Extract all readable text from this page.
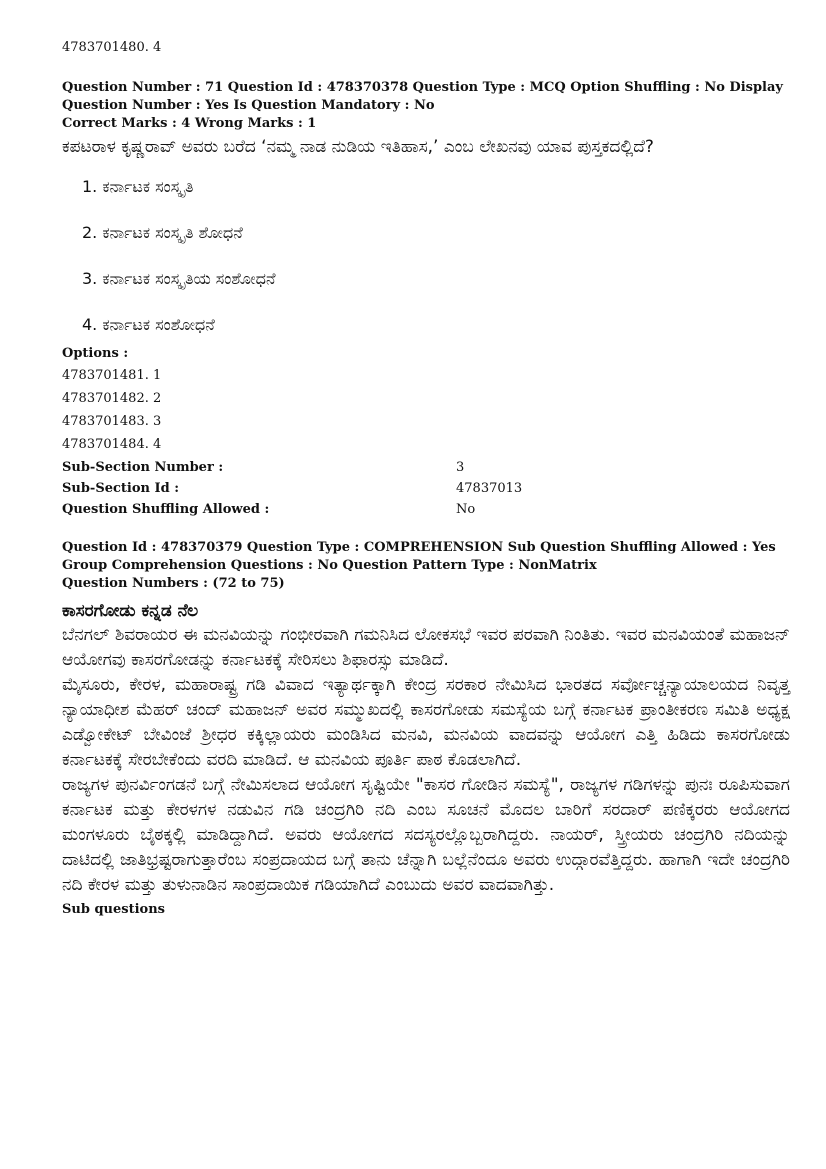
4783701480. 4
Question Number : 71 Question Id : 478370378 Question Type : MCQ Option Shuffling : No Display Question Number : Yes Is Question Mandatory : No
Correct Marks : 4 Wrong Marks : 1
ಕಪಟರಾಳ ಕೃಷ್ಣರಾವ್ ಅವರು ಬರೆದ ‘ನಮ್ಮ ನಾಡ ನುಡಿಯ ಇತಿಹಾಸ,’ ಎಂಬ ಲೇಖನವು ಯಾವ ಪುಸ್ತಕದಲ್ಲಿದೆ?
1. ಕರ್ನಾಟಕ ಸಂಸ್ಕೃತಿ
2. ಕರ್ನಾಟಕ ಸಂಸ್ಕೃತಿ ಶೋಧನೆ
3. ಕರ್ನಾಟಕ ಸಂಸ್ಕೃತಿಯ ಸಂಶೋಧನೆ
4. ಕರ್ನಾಟಕ ಸಂಶೋಧನೆ
Options :
4783701481. 1
4783701482. 2
4783701483. 3
4783701484. 4
Sub-Section Number :	3
Sub-Section Id :	47837013
Question Shuffling Allowed :	No
Question Id : 478370379 Question Type : COMPREHENSION Sub Question Shuffling Allowed : Yes Group Comprehension Questions : No Question Pattern Type : NonMatrix
Question Numbers : (72 to 75)
ಕಾಸರಗೋಡು ಕನ್ನಡ ನೆಲ

ಬೆನಗಲ್ ಶಿವರಾಯರ ಈ ಮನವಿಯನ್ನು ಗಂಭೀರವಾಗಿ ಗಮನಿಸಿದ ಲೋಕಸಭೆ ಇವರ ಪರವಾಗಿ ನಿಂತಿತು. ಇವರ ಮನವಿಯಂತೆ ಮಹಾಜನ್ ಆಯೋಗವು ಕಾಸರಗೋಡನ್ನು ಕರ್ನಾಟಕಕ್ಕೆ ಸೇರಿಸಲು ಶಿಫಾರಸ್ಸು ಮಾಡಿದೆ.

ಮೈಸೂರು, ಕೇರಳ, ಮಹಾರಾಷ್ಟ್ರ ಗಡಿ ವಿವಾದ ಇತ್ಯಾರ್ಥಕ್ಕಾಗಿ ಕೇಂದ್ರ ಸರಕಾರ ನೇಮಿಸಿದ ಭಾರತದ ಸರ್ವೋಚ್ಚನ್ಯಾಯಾಲಯದ ನಿವೃತ್ತ ನ್ಯಾಯಾಧೀಶ ಮೆಹರ್ ಚಂದ್ ಮಹಾಜನ್ ಅವರ ಸಮ್ಮುಖದಲ್ಲಿ ಕಾಸರಗೋಡು ಸಮಸ್ಯೆಯ ಬಗ್ಗೆ ಕರ್ನಾಟಕ ಪ್ರಾಂತೀಕರಣ ಸಮಿತಿ ಅಧ್ಯಕ್ಷ ಎಡ್ವೋಕೇಟ್ ಬೇವಿಂಜೆ ಶ್ರೀಧರ ಕಕ್ಕಿಲ್ಲಾಯರು ಮಂಡಿಸಿದ ಮನವಿ, ಮನವಿಯ ವಾದವನ್ನು ಆಯೋಗ ಎತ್ತಿ ಹಿಡಿದು ಕಾಸರಗೋಡು ಕರ್ನಾಟಕಕ್ಕೆ ಸೇರಬೇಕೆಂದು ವರದಿ ಮಾಡಿದೆ. ಆ ಮನವಿಯ ಪೂರ್ತಿ ಪಾಠ ಕೊಡಲಾಗಿದೆ.

ರಾಜ್ಯಗಳ ಪುನರ್ವಿಂಗಡನೆ ಬಗ್ಗೆ ನೇಮಿಸಲಾದ ಆಯೋಗ ಸೃಷ್ಟಿಯೇ "ಕಾಸರ ಗೋಡಿನ ಸಮಸ್ಯೆ", ರಾಜ್ಯಗಳ ಗಡಿಗಳನ್ನು ಪುನಃ ರೂಪಿಸುವಾಗ ಕರ್ನಾಟಕ ಮತ್ತು ಕೇರಳಗಳ ನಡುವಿನ ಗಡಿ ಚಂದ್ರಗಿರಿ ನದಿ ಎಂಬ ಸೂಚನೆ ಮೊದಲ ಬಾರಿಗೆ ಸರದಾರ್ ಪಣಿಕ್ಕರರು ಆಯೋಗದ ಮಂಗಳೂರು ಬೈಠಕ್ಕಲ್ಲಿ ಮಾಡಿದ್ದಾಗಿದೆ. ಅವರು ಆಯೋಗದ ಸದಸ್ಯರಲ್ಲೊಬ್ಬರಾಗಿದ್ದರು. ನಾಯರ್, ಸ್ತ್ರೀಯರು ಚಂದ್ರಗಿರಿ ನದಿಯನ್ನು ದಾಟಿದಲ್ಲಿ ಜಾತಿಭ್ರಷ್ಟರಾಗುತ್ತಾರೆಂಬ ಸಂಪ್ರದಾಯದ ಬಗ್ಗೆ ತಾನು ಚೆನ್ನಾಗಿ ಬಲ್ಲೆನೆಂದೂ ಅವರು ಉದ್ಗಾರವೆತ್ತಿದ್ದರು. ಹಾಗಾಗಿ ಇದೇ ಚಂದ್ರಗಿರಿ ನದಿ ಕೇರಳ ಮತ್ತು ತುಳುನಾಡಿನ ಸಾಂಪ್ರದಾಯಿಕ ಗಡಿಯಾಗಿದೆ ಎಂಬುದು ಅವರ ವಾದವಾಗಿತ್ತು.

Sub questions
